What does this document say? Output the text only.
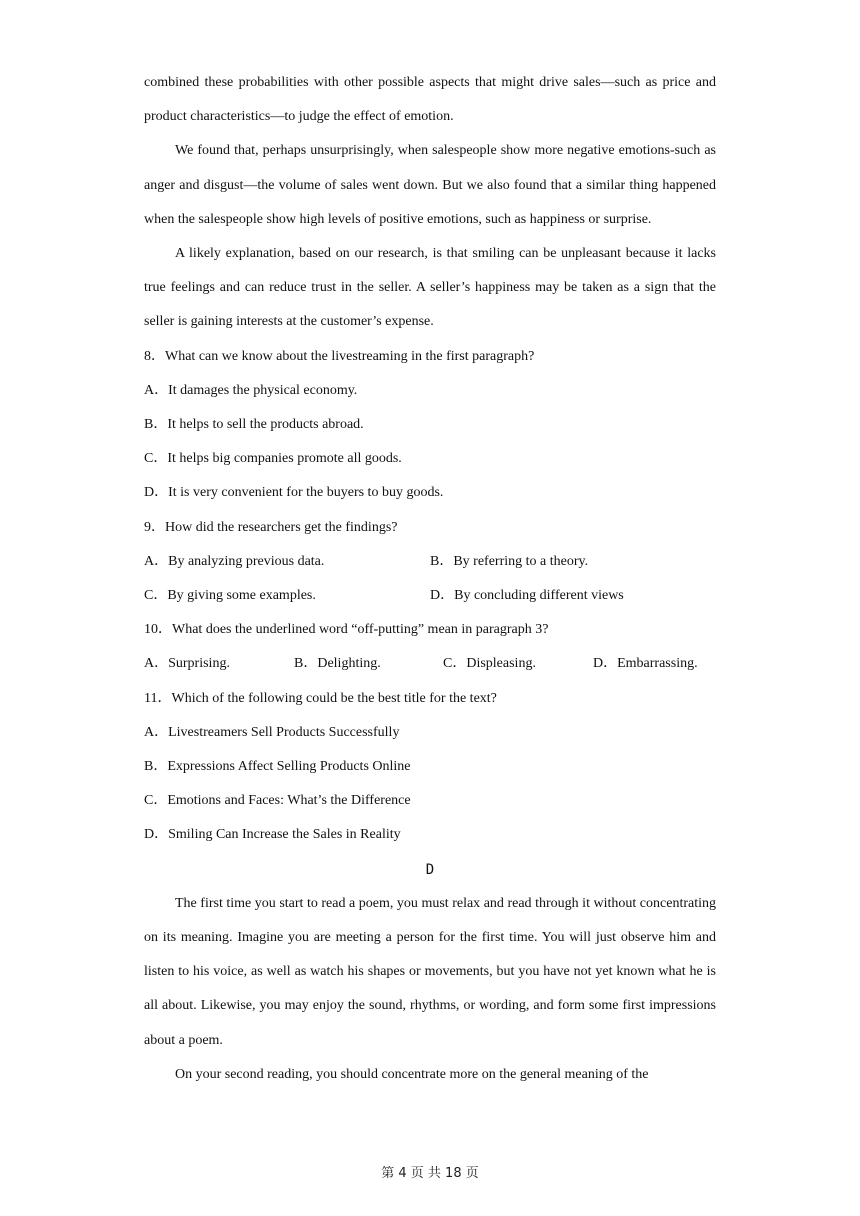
combined these probabilities with other possible aspects that might drive sales—such as price and product characteristics—to judge the effect of emotion.

We found that, perhaps unsurprisingly, when salespeople show more negative emotions-such as anger and disgust—the volume of sales went down. But we also found that a similar thing happened when the salespeople show high levels of positive emotions, such as happiness or surprise.

A likely explanation, based on our research, is that smiling can be unpleasant because it lacks true feelings and can reduce trust in the seller. A seller’s happiness may be taken as a sign that the seller is gaining interests at the customer’s expense.

8．What can we know about the livestreaming in the first paragraph?

A．It damages the physical economy.

B．It helps to sell the products abroad.

C．It helps big companies promote all goods.

D．It is very convenient for the buyers to buy goods.

9．How did the researchers get the findings?

A．By analyzing previous data.	B．By referring to a theory.
C．By giving some examples.	D．By concluding different views

10．What does the underlined word “off-putting” mean in paragraph 3?

A．Surprising.	B．Delighting.	C．Displeasing.	D．Embarrassing.

11．Which of the following could be the best title for the text?

A．Livestreamers Sell Products Successfully

B．Expressions Affect Selling Products Online

C．Emotions and Faces: What’s the Difference

D．Smiling Can Increase the Sales in Reality

D

The first time you start to read a poem, you must relax and read through it without concentrating on its meaning. Imagine you are meeting a person for the first time. You will just observe him and listen to his voice, as well as watch his shapes or movements, but you have not yet known what he is all about. Likewise, you may enjoy the sound, rhythms, or wording, and form some first impressions about a poem.

On your second reading, you should concentrate more on the general meaning of the

第 4 页 共 18 页
